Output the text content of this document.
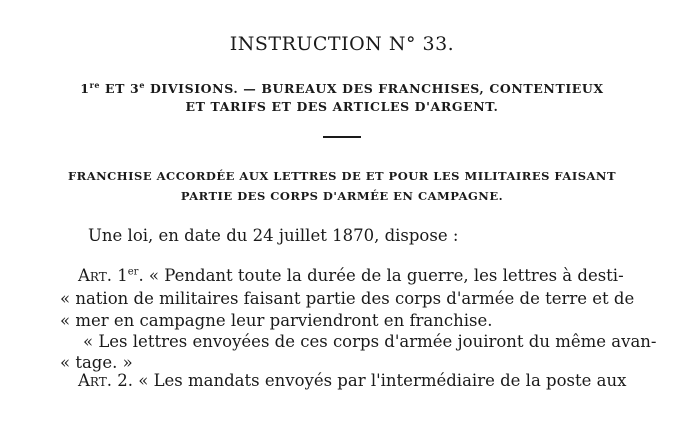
INSTRUCTION N° 33.
1re ET 3e DIVISIONS. — BUREAUX DES FRANCHISES, CONTENTIEUX
ET TARIFS ET DES ARTICLES D'ARGENT.
FRANCHISE ACCORDÉE AUX LETTRES DE ET POUR LES MILITAIRES FAISANT
PARTIE DES CORPS D'ARMÉE EN CAMPAGNE.
Une loi, en date du 24 juillet 1870, dispose :
Art. 1er. « Pendant toute la durée de la guerre, les lettres à desti-
« nation de militaires faisant partie des corps d'armée de terre et de
« mer en campagne leur parviendront en franchise.
« Les lettres envoyées de ces corps d'armée jouiront du même avan-
« tage. »
Art. 2. « Les mandats envoyés par l'intermédiaire de la poste aux
